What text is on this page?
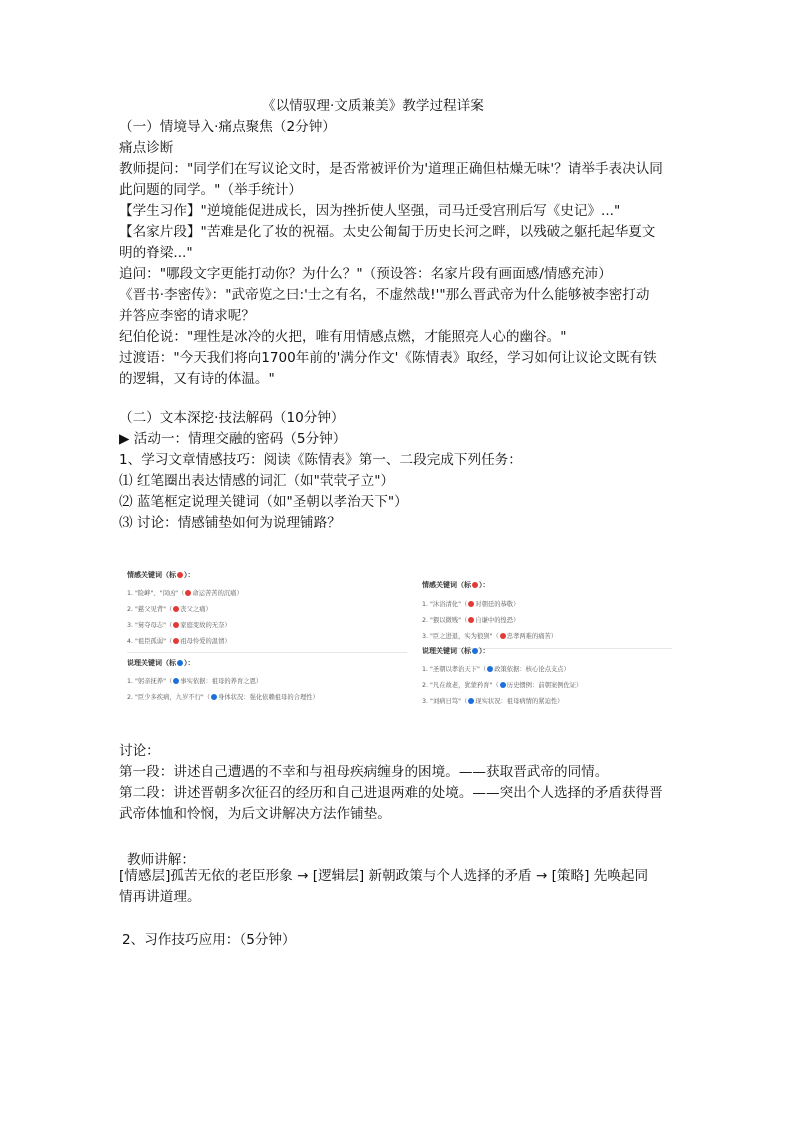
《以情驭理·文质兼美》教学过程详案
（一）情境导入·痛点聚焦（2分钟）
痛点诊断
教师提问："同学们在写议论文时，是否常被评价为'道理正确但枯燥无味'？请举手表决认同
此问题的同学。"（举手统计）
【学生习作】"逆境能促进成长，因为挫折使人坚强，司马迁受宫刑后写《史记》..."
【名家片段】"苦难是化了妆的祝福。太史公匍匐于历史长河之畔，以残破之躯托起华夏文
明的脊梁..."
追问："哪段文字更能打动你？为什么？"（预设答：名家片段有画面感/情感充沛）
《晋书·李密传》："武帝览之曰:'士之有名，不虚然哉!'"那么晋武帝为什么能够被李密打动
并答应李密的请求呢？
纪伯伦说："理性是冰冷的火把，唯有用情感点燃，才能照亮人心的幽谷。"
过渡语："今天我们将向1700年前的'满分作文'《陈情表》取经，学习如何让议论文既有铁
的逻辑，又有诗的体温。"
（二）文本深挖·技法解码（10分钟）
▶ 活动一：情理交融的密码（5分钟）
1、学习文章情感技巧：阅读《陈情表》第一、二段完成下列任务：
⑴ 红笔圈出表达情感的词汇（如"茕茕孑立"）
⑵ 蓝笔框定说理关键词（如"圣朝以孝治天下"）
⑶ 讨论：情感铺垫如何为说理铺路？
情感关键词（标 ）：
1. "险衅"、"闵凶"（ 命运苦苦的沉痛）
2. "慈父见背"（ 丧父之痛）
3. "舅夺母志"（ 家庭变故的无奈）
4. "祖臣孤弱"（ 祖母怜爱的温情）
说理关键词（标 ）：
1. "躬亲抚养"（ 事实依据：祖母的养育之恩）
2. "臣少多疾病，九岁不行"（ 身体状况：强化依赖祖母的合理性）
情感关键词（标 ）：
1. "沐浴清化"（ 对朝廷的恭敬）
2. "猥以微贱"（ 自谦中的惶恐）
3. "臣之进退，实为狼狈"（ 忠孝两难的痛苦）
说理关键词（标 ）：
1. "圣朝以孝治天下"（ 政策依据：核心论点支点）
2. "凡在故老，犹蒙矜育"（ 历史惯例：前朝案例佐证）
3. "刘病日笃"（ 现实状况：祖母病情的紧迫性）
讨论：
第一段：讲述自己遭遇的不幸和与祖母疾病缠身的困境。——获取晋武帝的同情。
第二段：讲述晋朝多次征召的经历和自己进退两难的处境。——突出个人选择的矛盾获得晋
武帝体恤和怜悯，为后文讲解决方法作铺垫。
教师讲解：
[情感层]孤苦无依的老臣形象 → [逻辑层] 新朝政策与个人选择的矛盾 → [策略] 先唤起同
情再讲道理。
2、习作技巧应用：（5分钟）
